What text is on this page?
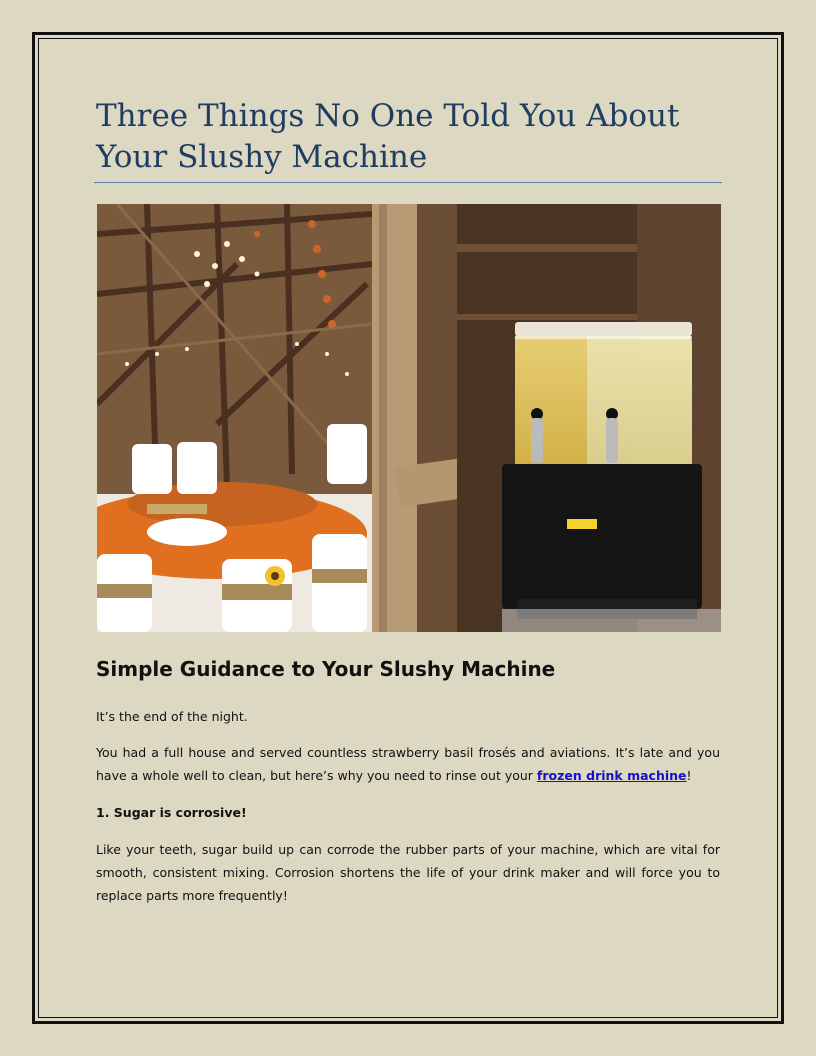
Three Things No One Told You About Your Slushy Machine
Simple Guidance to Your Slushy Machine

It’s the end of the night.

You had a full house and served countless strawberry basil frosés and aviations. It’s late and you have a whole well to clean, but here’s why you need to rinse out your frozen drink machine!

1. Sugar is corrosive!

Like your teeth, sugar build up can corrode the rubber parts of your machine, which are vital for smooth, consistent mixing. Corrosion shortens the life of your drink maker and will force you to replace parts more frequently!
